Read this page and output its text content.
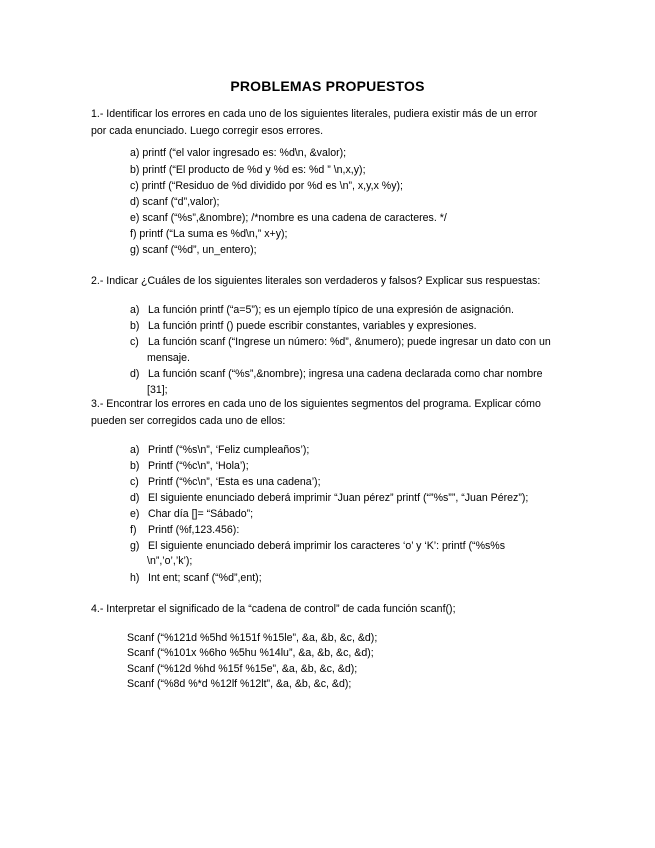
PROBLEMAS PROPUESTOS
1.- Identificar los errores en cada uno de los siguientes literales, pudiera existir más de un error
por cada enunciado. Luego corregir esos errores.
a) printf (“el valor ingresado es: %d\n, &valor);
b) printf (“El producto de %d y %d es: %d ” \n,x,y);
c) printf (“Residuo de %d dividido por %d es \n”, x,y,x %y);
d) scanf (“d”,valor);
e) scanf (“%s”,&nombre); /*nombre es una cadena de caracteres. */
f) printf (“La suma es %d\n,” x+y);
g) scanf (“%d”, un_entero);
2.- Indicar ¿Cuáles de los siguientes literales son verdaderos y falsos? Explicar sus respuestas:
a) La función printf (“a=5”); es un ejemplo típico de una expresión de asignación.
b) La función printf () puede escribir constantes, variables y expresiones.
c) La función scanf (“Ingrese un número: %d”, &numero); puede ingresar un dato con un
mensaje.
d) La función scanf (“%s”,&nombre); ingresa una cadena declarada como char nombre
[31];
3.- Encontrar los errores en cada uno de los siguientes segmentos del programa. Explicar cómo
pueden ser corregidos cada uno de ellos:
a) Printf (“%s\n”, ‘Feliz cumpleaños’);
b) Printf (“%c\n”, ‘Hola’);
c) Printf (“%c\n”, ‘Esta es una cadena’);
d) El siguiente enunciado deberá imprimir “Juan pérez” printf (“”%s””, “Juan Pérez”);
e) Char día []= “Sábado”;
f) Printf (%f,123.456):
g) El siguiente enunciado deberá imprimir los caracteres ‘o’ y ‘K’: printf (“%s%s
\n”,’o’,’k’);
h) Int ent; scanf (“%d”,ent);
4.- Interpretar el significado de la “cadena de control” de cada función scanf();
Scanf (“%121d %5hd %151f %15le”, &a, &b, &c, &d);
Scanf (“%101x %6ho %5hu %14lu”, &a, &b, &c, &d);
Scanf (“%12d %hd %15f %15e”, &a, &b, &c, &d);
Scanf (“%8d %*d %12lf %12lt”, &a, &b, &c, &d);
